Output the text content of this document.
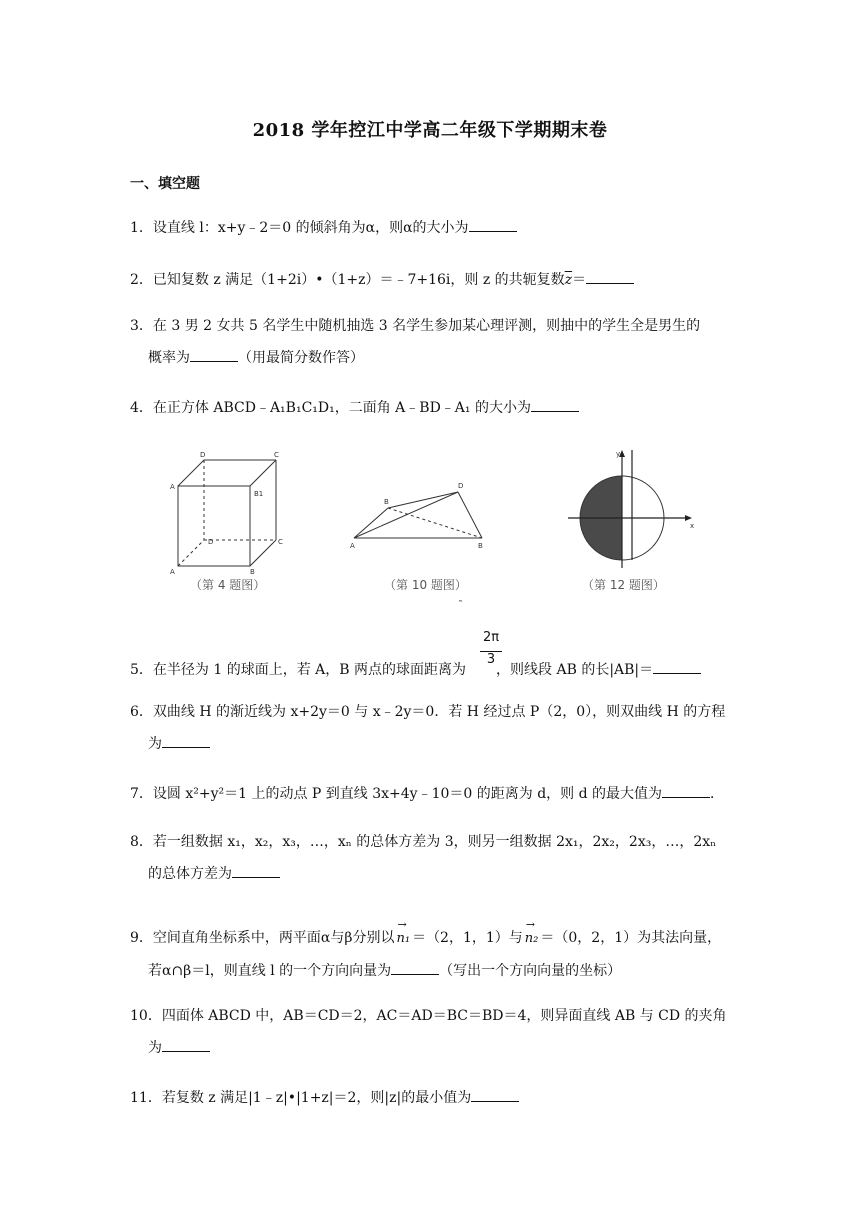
2018 学年控江中学高二年级下学期期末卷
一、填空题
1．设直线 l：x+y﹣2＝0 的倾斜角为α，则α的大小为
2．已知复数 z 满足（1+2i）•（1+z）＝﹣7+16i，则 z 的共轭复数$\overline{z}=$
3．在 3 男 2 女共 5 名学生中随机抽选 3 名学生参加某心理评测，则抽中的学生全是男生的
概率为	（用最简分数作答）
4．在正方体 ABCD﹣A₁B₁C₁D₁，二面角 A﹣BD﹣A₁ 的大小为
D	C
A
B1
D
A	B
C
（第 4 题图）
A
B
D
B
（第 10 题图）
y
x
（第 12 题图）
˜
$\frac{2\pi}{3}$
5．在半径为 1 的球面上，若 A，B 两点的球面距离为 ，则线段 AB 的长|AB|＝
6．双曲线 H 的渐近线为 x+2y＝0 与 x﹣2y＝0．若 H 经过点 P（2，0），则双曲线 H 的方程
为
7．设圆 x²+y²＝1 上的动点 P 到直线 3x+4y﹣10＝0 的距离为 d，则 d 的最大值为	．
8．若一组数据 x₁，x₂，x₃，…，xₙ 的总体方差为 3，则另一组数据 2x₁，2x₂，2x₃，…，2xₙ
的总体方差为
9．空间直角坐标系中，两平面α与β分别以
→
n₁ ＝（2，1，1）与
→
n₂ ＝（0，2，1）为其法向量，
若α∩β＝l，则直线 l 的一个方向向量为	（写出一个方向向量的坐标）
10．四面体 ABCD 中，AB＝CD＝2，AC＝AD＝BC＝BD＝4，则异面直线 AB 与 CD 的夹角
为
11．若复数 z 满足|1﹣z|•|1+z|＝2，则|z|的最小值为
